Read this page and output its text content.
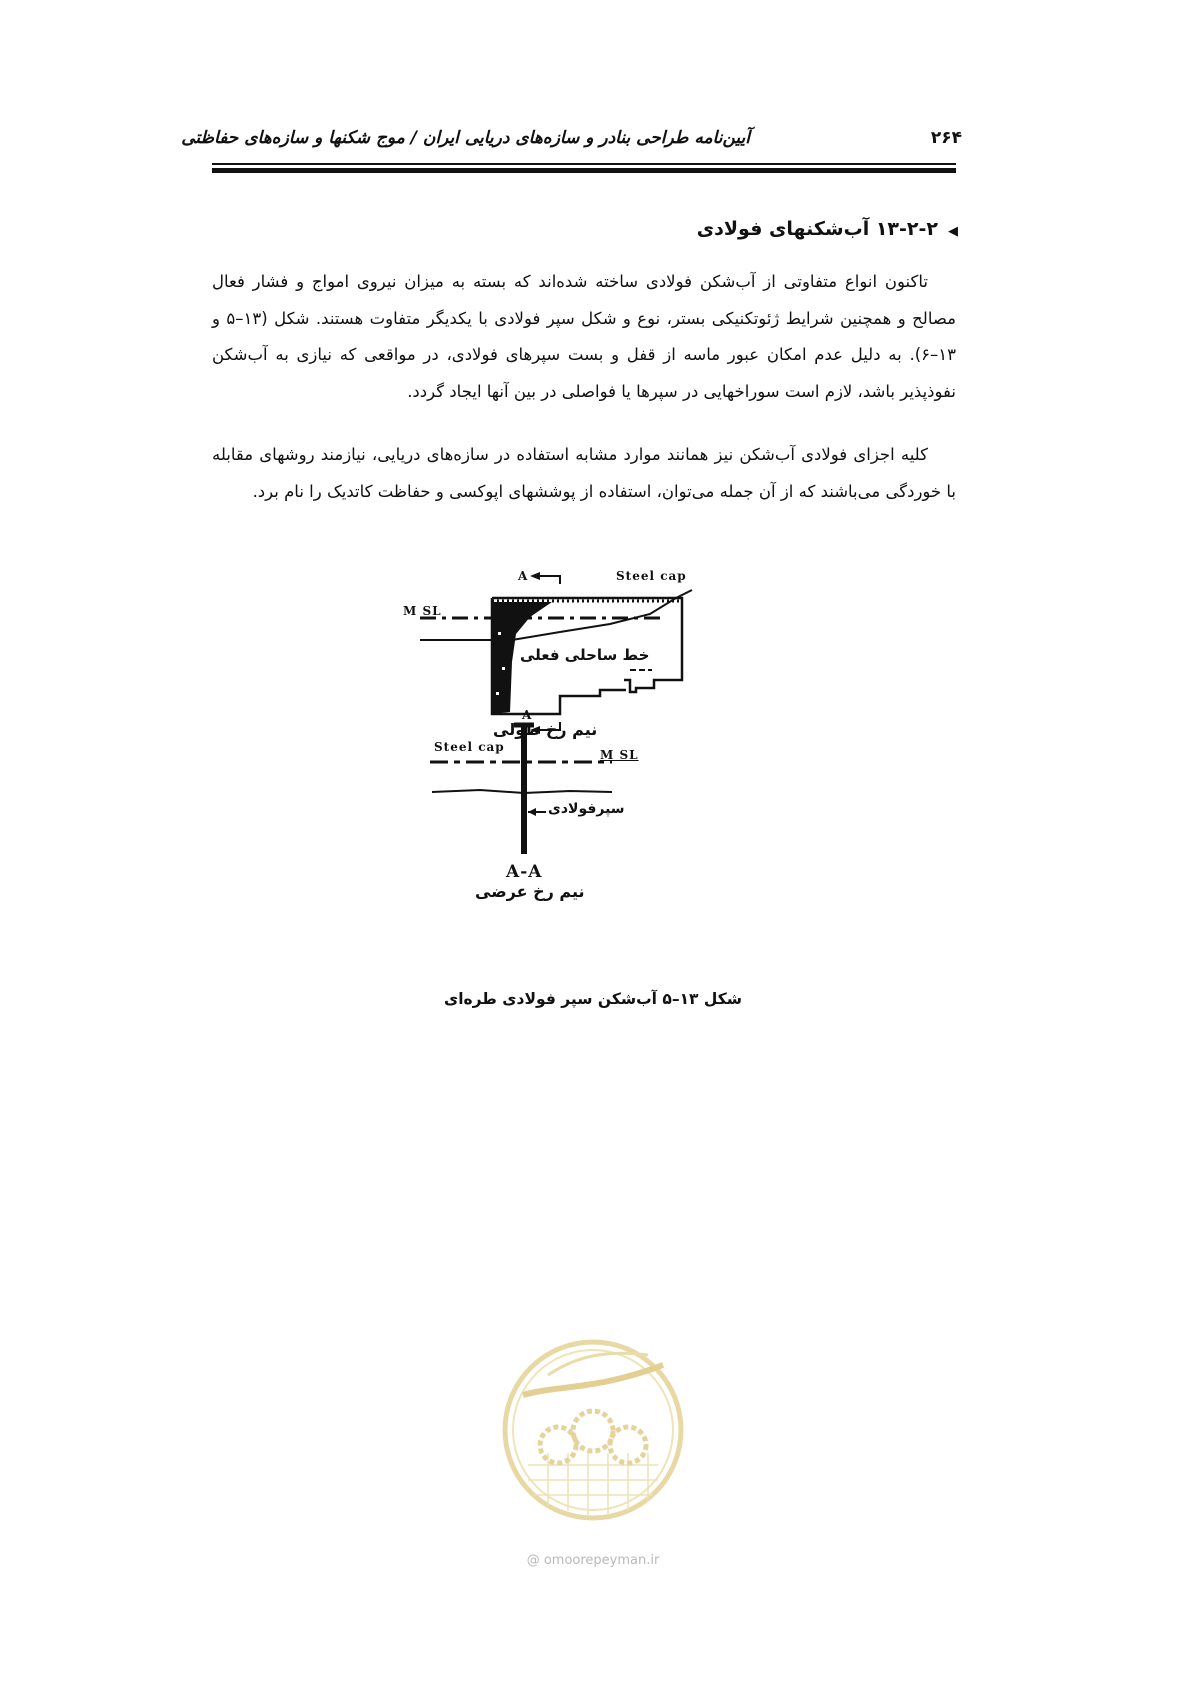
آیین‌نامه طراحی بنادر و سازه‌های دریایی ایران / موج شکنها و سازه‌های حفاظتی	۲۶۴
◀۱۳-۲-۲ آب‌شکنهای فولادی
تاکنون انواع متفاوتی از آب‌شکن فولادی ساخته شده‌اند که بسته به میزان نیروی امواج و فشار فعال مصالح و همچنین شرایط ژئوتکنیکی بستر، نوع و شکل سپر فولادی با یکدیگر متفاوت هستند. شکل (۱۳–۵ و ۱۳–۶). به دلیل عدم امکان عبور ماسه از قفل و بست سپرهای فولادی، در مواقعی که نیازی به آب‌شکن نفوذپذیر باشد، لازم است سوراخهایی در سپرها یا فواصلی در بین آنها ایجاد گردد.
کلیه اجزای فولادی آب‌شکن نیز همانند موارد مشابه استفاده در سازه‌های دریایی، نیازمند روشهای مقابله با خوردگی می‌باشند که از آن جمله می‌توان، استفاده از پوششهای اپوکسی و حفاظت کاتدیک را نام برد.
A	Steel cap
M SL
خط ساحلی فعلی
A
نیم رخ طولی
Steel cap
M SL
سپرفولادی
A-A
نیم رخ عرضی
شکل ۱۳–۵ آب‌شکن سپر فولادی طره‌ای
@ omoorepeyman.ir
